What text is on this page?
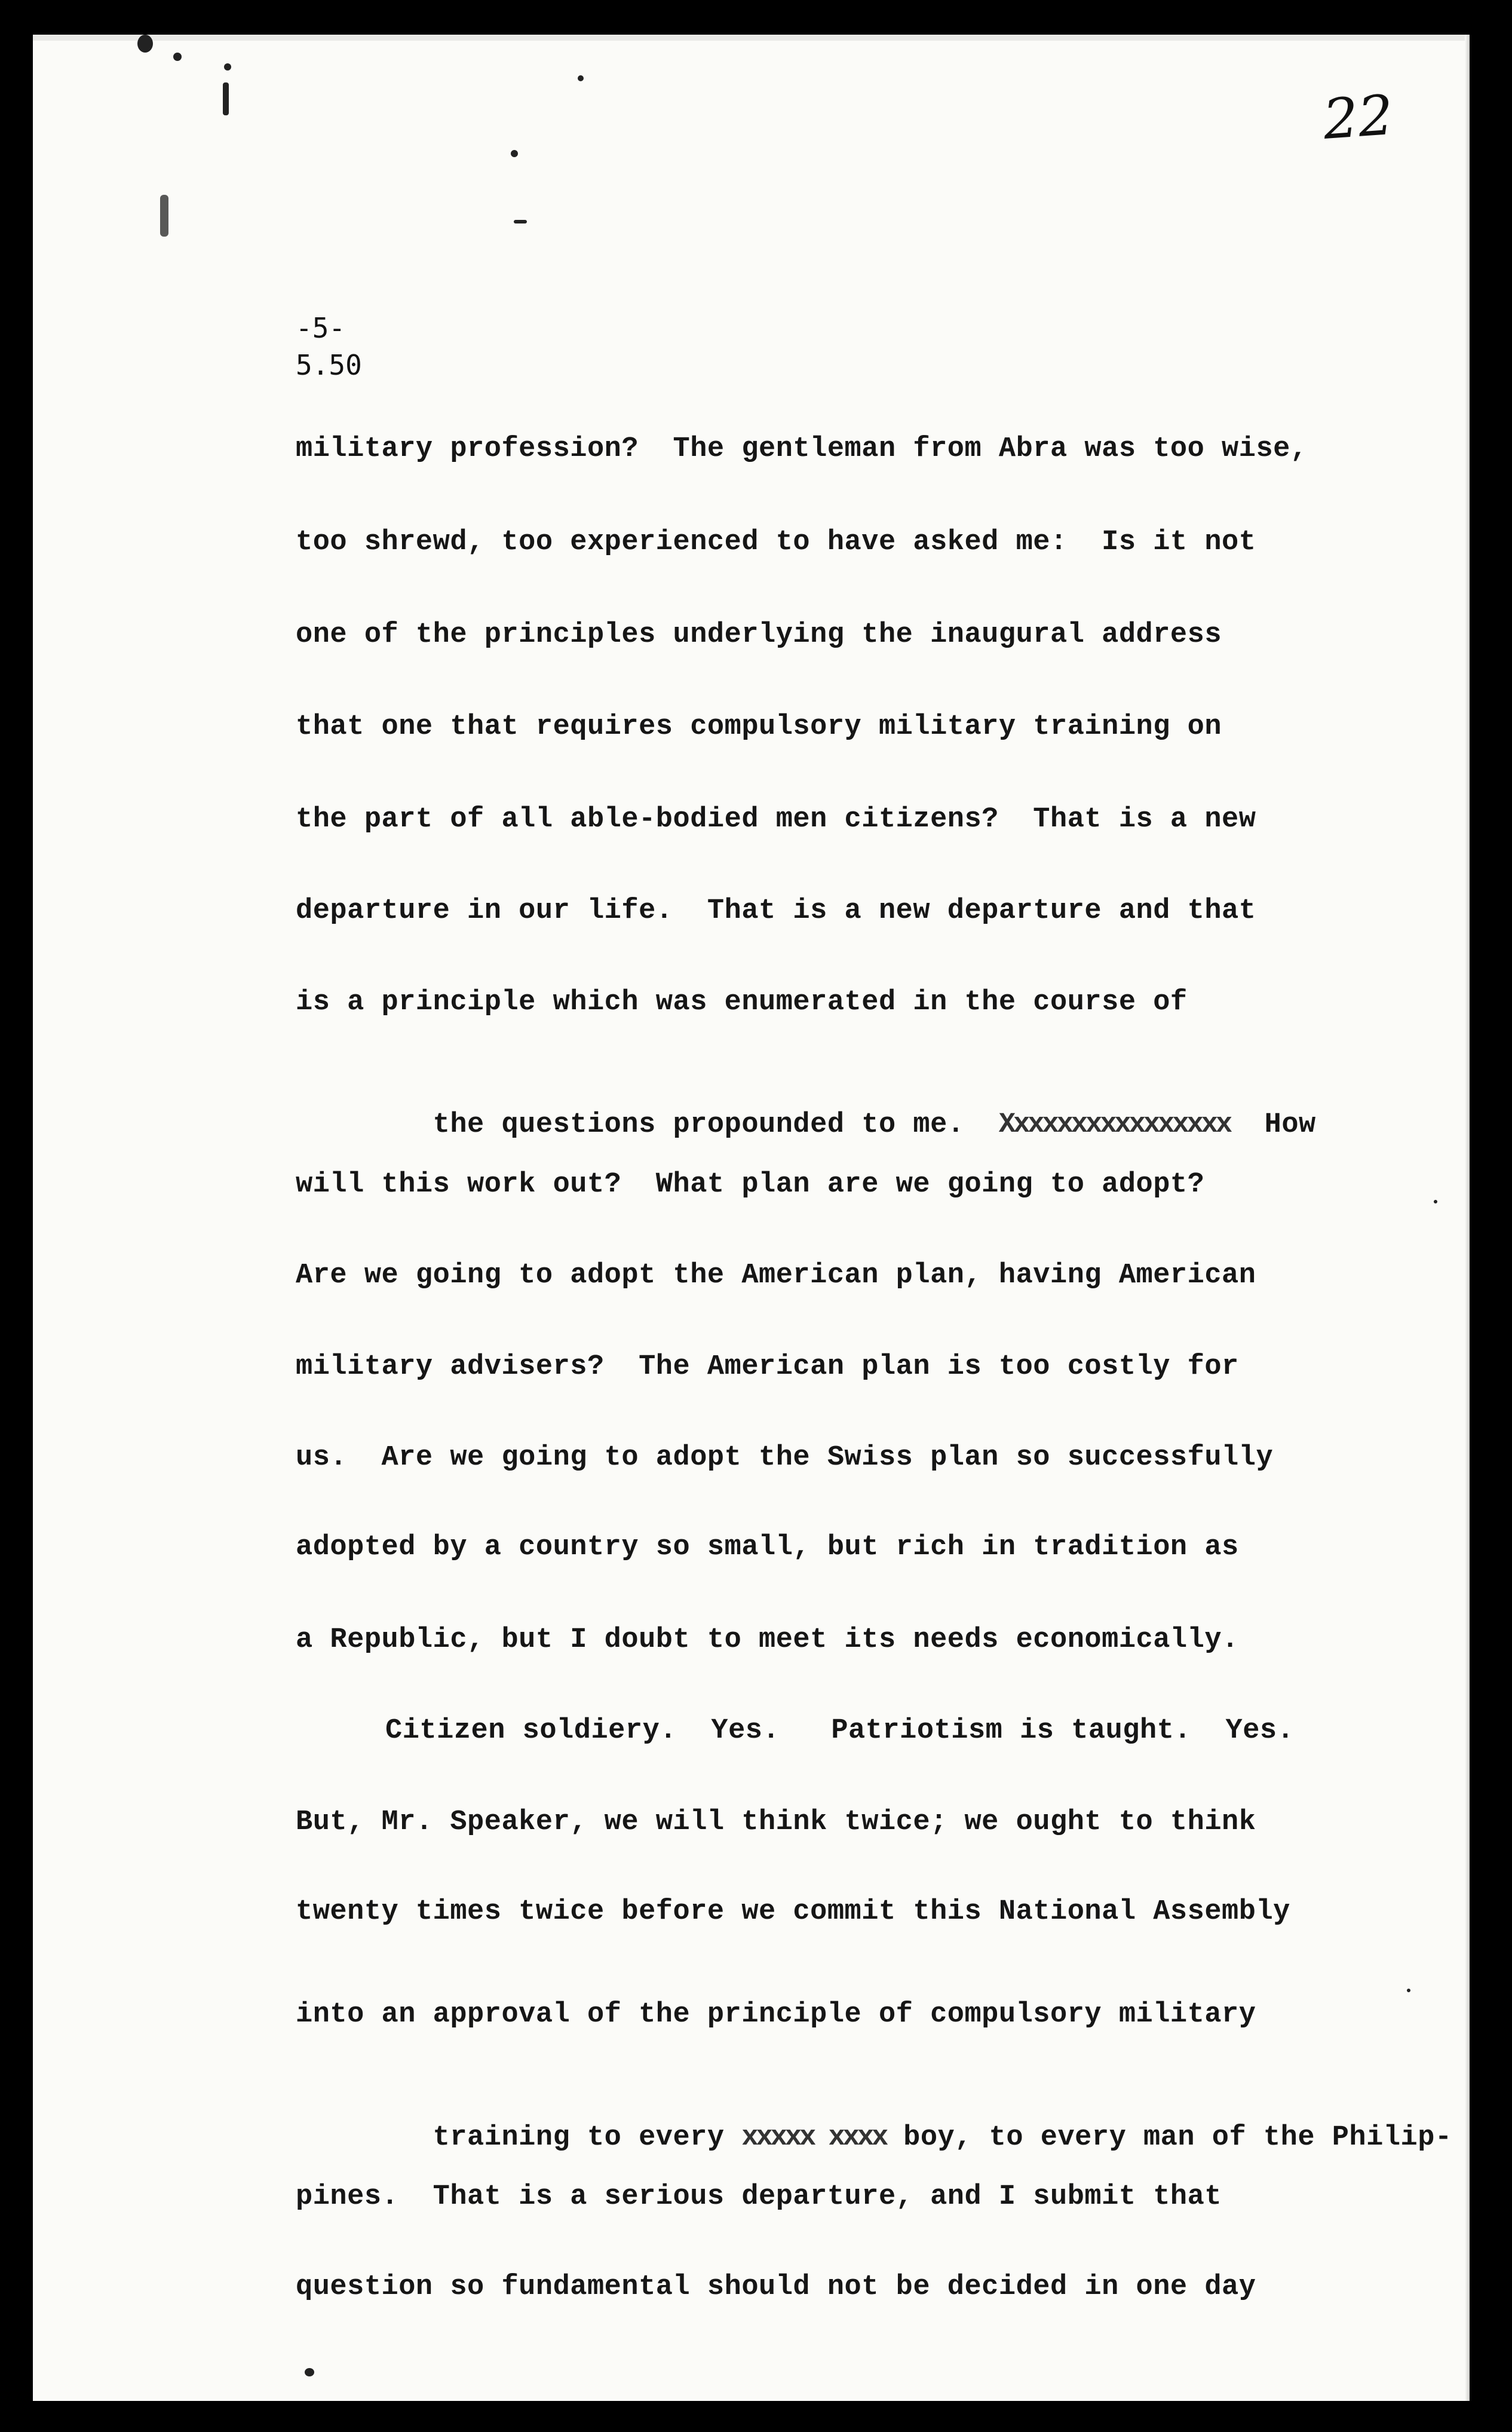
22
-5-
5.50
military profession?  The gentleman from Abra was too wise,
too shrewd, too experienced to have asked me:  Is it not
one of the principles underlying the inaugural address
that one that requires compulsory military training on
the part of all able-bodied men citizens?  That is a new
departure in our life.  That is a new departure and that
is a principle which was enumerated in the course of

the questions propounded to me. Xxxxxxxxxxxxxxxx How

will this work out?  What plan are we going to adopt?
Are we going to adopt the American plan, having American
military advisers?  The American plan is too costly for
us.  Are we going to adopt the Swiss plan so successfully
adopted by a country so small, but rich in tradition as
a Republic, but I doubt to meet its needs economically.
Citizen soldiery.  Yes.   Patriotism is taught.  Yes.
But, Mr. Speaker, we will think twice; we ought to think
twenty times twice before we commit this National Assembly
into an approval of the principle of compulsory military

training to every xxxxx xxxx boy, to every man of the Philip-

pines.  That is a serious departure, and I submit that
question so fundamental should not be decided in one day
